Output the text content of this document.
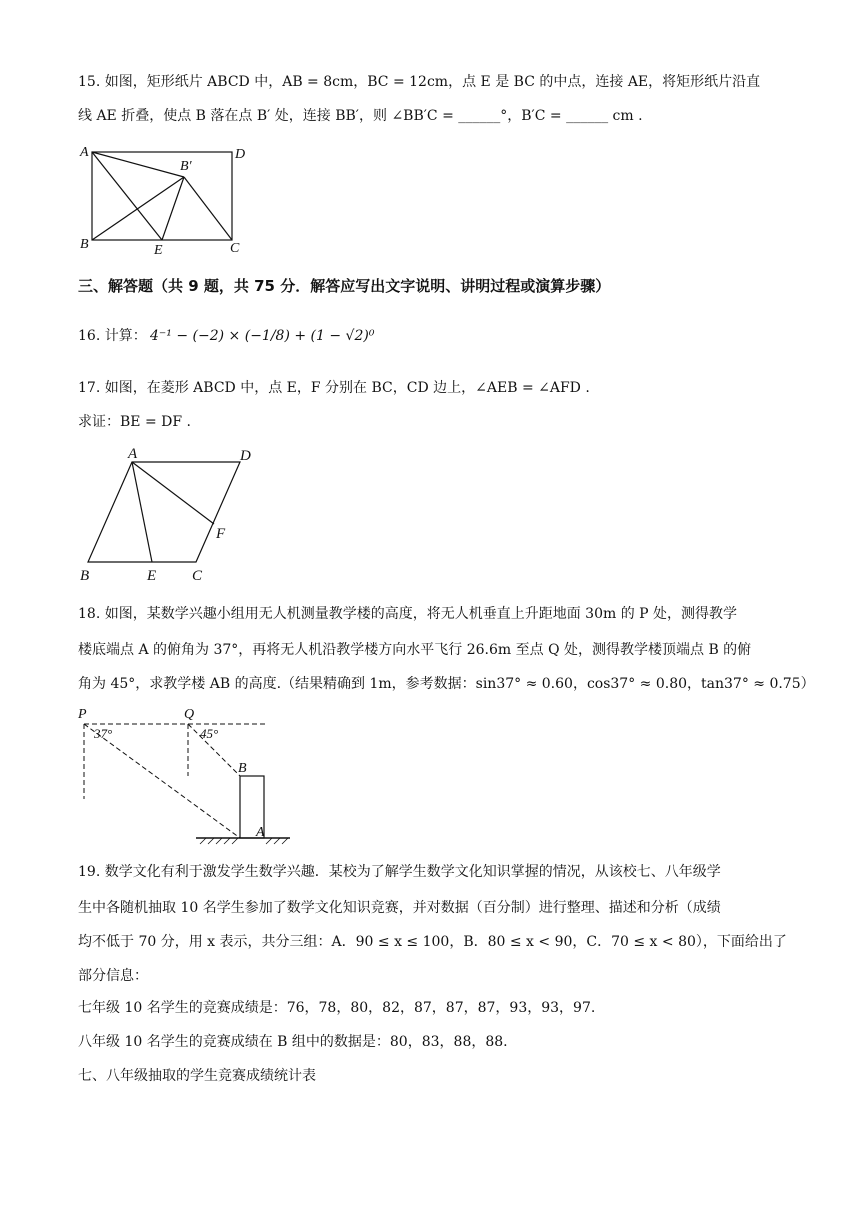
15. 如图，矩形纸片 ABCD 中，AB = 8cm，BC = 12cm，点 E 是 BC 的中点，连接 AE，将矩形纸片沿直
线 AE 折叠，使点 B 落在点 B′ 处，连接 BB′，则 ∠BB′C = ______°，B′C = ______ cm .
A	D
B	C
E
B′
三、解答题（共 9 题，共 75 分．解答应写出文字说明、讲明过程或演算步骤）
16. 计算： 4⁻¹ − (−2) × (−1/8) + (1 − √2)⁰
17. 如图，在菱形 ABCD 中，点 E，F 分别在 BC，CD 边上，∠AEB = ∠AFD .
求证：BE = DF .
A	D
B	E C
F
18. 如图，某数学兴趣小组用无人机测量教学楼的高度，将无人机垂直上升距地面 30m 的 P 处，测得教学
楼底端点 A 的俯角为 37°，再将无人机沿教学楼方向水平飞行 26.6m 至点 Q 处，测得教学楼顶端点 B 的俯
角为 45°，求教学楼 AB 的高度.（结果精确到 1m，参考数据：sin37° ≈ 0.60，cos37° ≈ 0.80，tan37° ≈ 0.75）
P	Q
B
A
37°	45°
19. 数学文化有利于激发学生数学兴趣．某校为了解学生数学文化知识掌握的情况，从该校七、八年级学
生中各随机抽取 10 名学生参加了数学文化知识竞赛，并对数据（百分制）进行整理、描述和分析（成绩
均不低于 70 分，用 x 表示，共分三组：A．90 ≤ x ≤ 100，B．80 ≤ x < 90，C．70 ≤ x < 80），下面给出了
部分信息：
七年级 10 名学生的竞赛成绩是：76，78，80，82，87，87，87，93，93，97.
八年级 10 名学生的竞赛成绩在 B 组中的数据是：80，83，88，88.
七、八年级抽取的学生竞赛成绩统计表
